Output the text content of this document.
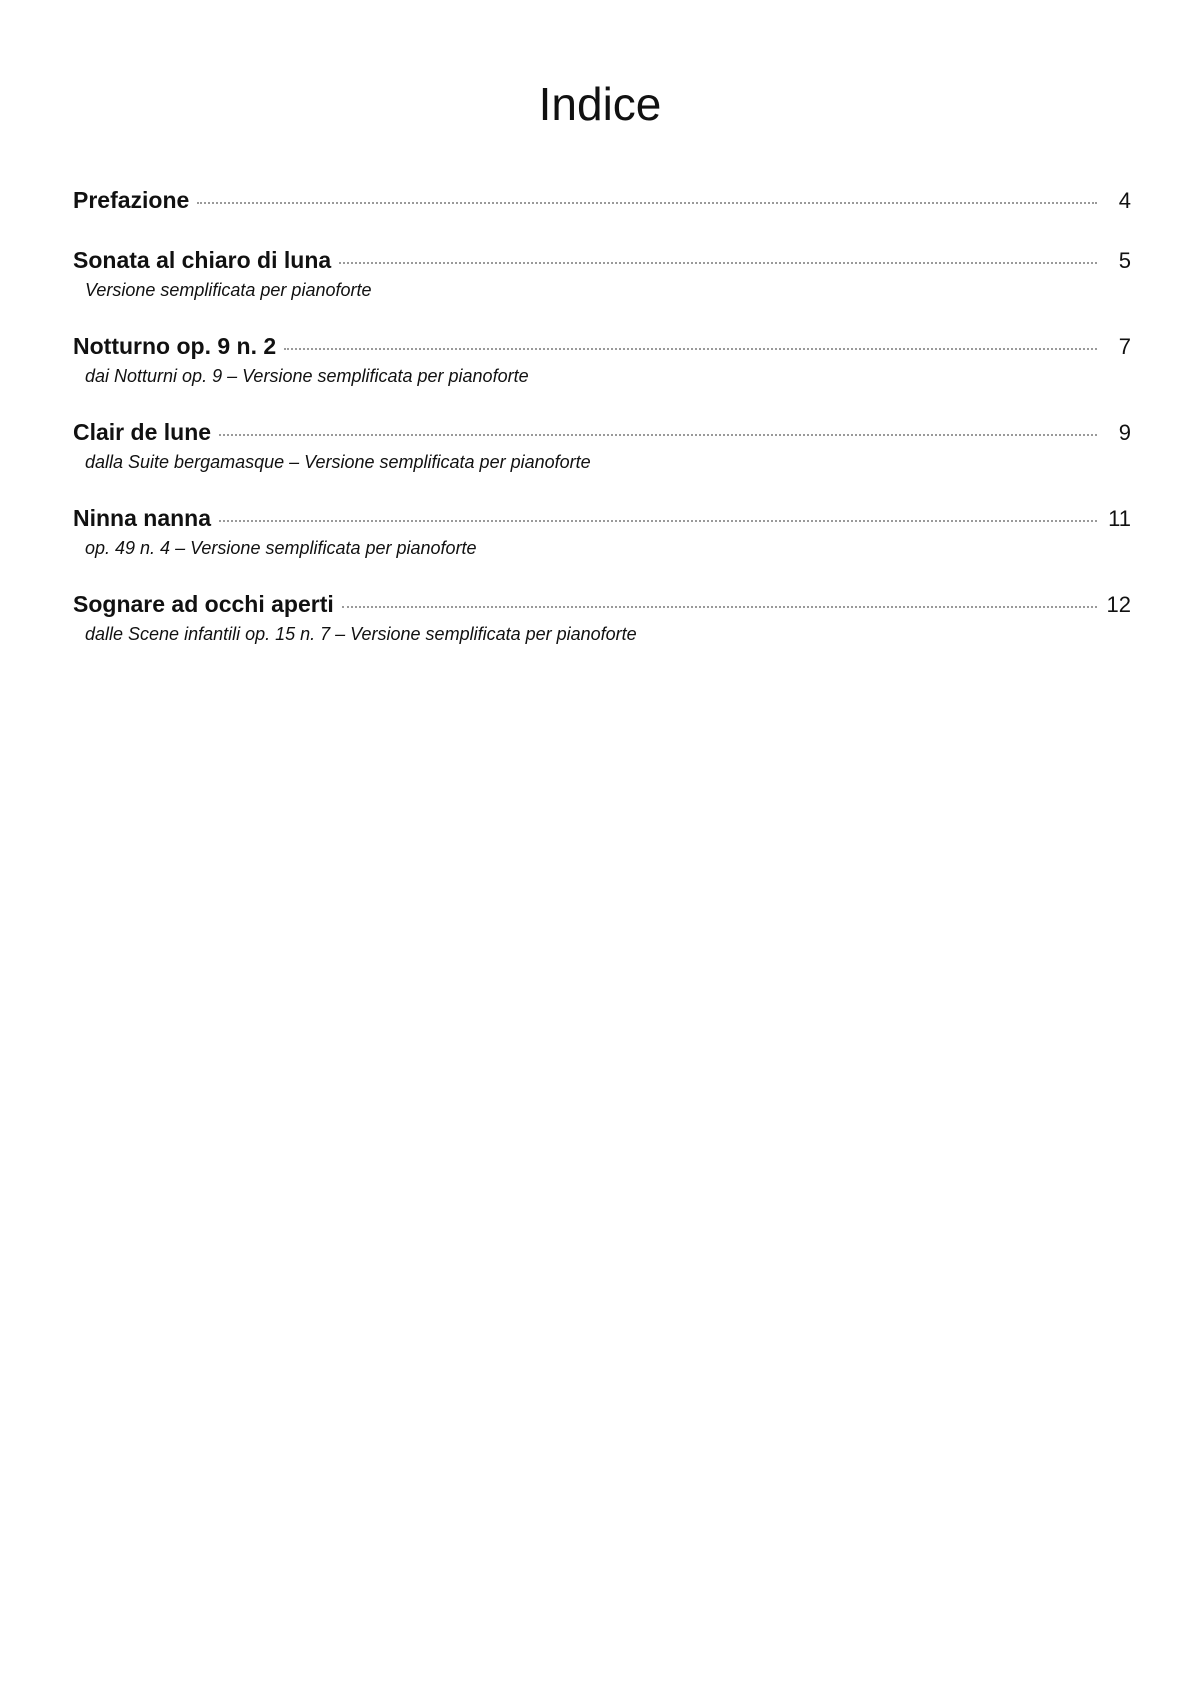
Indice
Prefazione	4
Sonata al chiaro di luna	5
Versione semplificata per pianoforte
Notturno op. 9 n. 2	7
dai Notturni op. 9 – Versione semplificata per pianoforte
Clair de lune	9
dalla Suite bergamasque – Versione semplificata per pianoforte
Ninna nanna	11
op. 49 n. 4 – Versione semplificata per pianoforte
Sognare ad occhi aperti	12
dalle Scene infantili op. 15 n. 7 – Versione semplificata per pianoforte
